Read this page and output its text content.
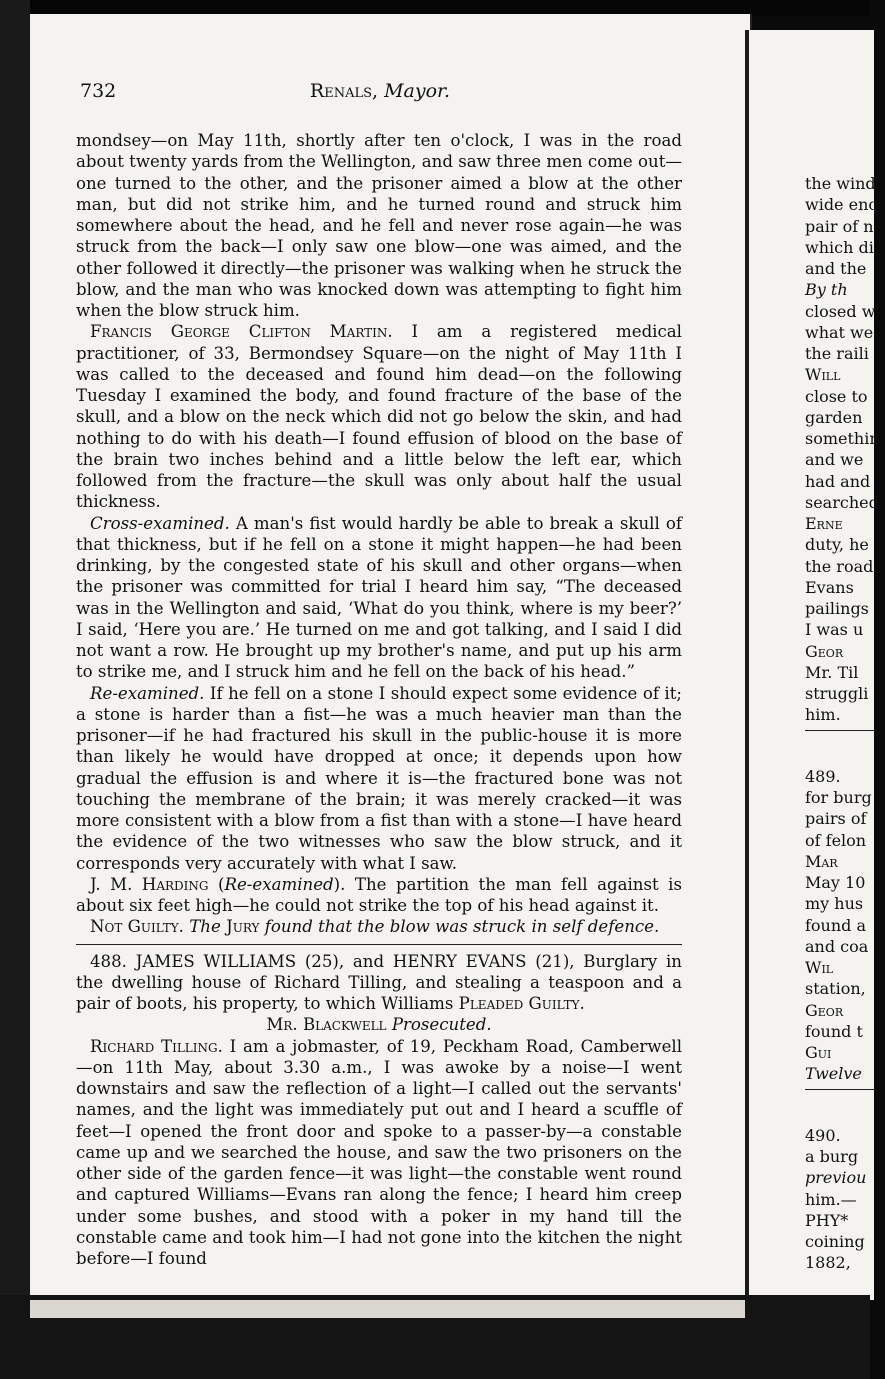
732	Renals, Mayor.

mondsey—on May 11th, shortly after ten o'clock, I was in the road about twenty yards from the Wellington, and saw three men come out—one turned to the other, and the prisoner aimed a blow at the other man, but did not strike him, and he turned round and struck him somewhere about the head, and he fell and never rose again—he was struck from the back—I only saw one blow—one was aimed, and the other followed it directly—the prisoner was walking when he struck the blow, and the man who was knocked down was attempting to fight him when the blow struck him.

Francis George Clifton Martin. I am a registered medical practitioner, of 33, Bermondsey Square—on the night of May 11th I was called to the deceased and found him dead—on the following Tuesday I examined the body, and found fracture of the base of the skull, and a blow on the neck which did not go below the skin, and had nothing to do with his death—I found effusion of blood on the base of the brain two inches behind and a little below the left ear, which followed from the fracture—the skull was only about half the usual thickness.

Cross-examined. A man's fist would hardly be able to break a skull of that thickness, but if he fell on a stone it might happen—he had been drinking, by the congested state of his skull and other organs—when the prisoner was committed for trial I heard him say, “The deceased was in the Wellington and said, ‘What do you think, where is my beer?’ I said, ‘Here you are.’ He turned on me and got talking, and I said I did not want a row. He brought up my brother's name, and put up his arm to strike me, and I struck him and he fell on the back of his head.”

Re-examined. If he fell on a stone I should expect some evidence of it; a stone is harder than a fist—he was a much heavier man than the prisoner—if he had fractured his skull in the public-house it is more than likely he would have dropped at once; it depends upon how gradual the effusion is and where it is—the fractured bone was not touching the membrane of the brain; it was merely cracked—it was more consistent with a blow from a fist than with a stone—I have heard the evidence of the two witnesses who saw the blow struck, and it corresponds very accurately with what I saw.

J. M. Harding (Re-examined). The partition the man fell against is about six feet high—he could not strike the top of his head against it.

Not Guilty. The Jury found that the blow was struck in self defence.

488. JAMES WILLIAMS (25), and HENRY EVANS (21), Burglary in the dwelling house of Richard Tilling, and stealing a teaspoon and a pair of boots, his property, to which Williams Pleaded Guilty.

Mr. Blackwell Prosecuted.

Richard Tilling. I am a jobmaster, of 19, Peckham Road, Camberwell—on 11th May, about 3.30 a.m., I was awoke by a noise—I went downstairs and saw the reflection of a light—I called out the servants' names, and the light was immediately put out and I heard a scuffle of feet—I opened the front door and spoke to a passer-by—a constable came up and we searched the house, and saw the two prisoners on the other side of the garden fence—it was light—the constable went round and captured Williams—Evans ran along the fence; I heard him creep under some bushes, and stood with a poker in my hand till the constable came and took him—I had not gone into the kitchen the night before—I found

the wind
wide enc
pair of n
which di
and the
By th
closed w
what we
the raili
Will
close to
garden
somethin
and we
had and
searched
Erne
duty, he
the road
Evans
pailings
I was u
Geor
Mr. Til
struggli
him.
489.
for burg
pairs of
of felon
Mar
May 10
my hus
found a
and coa
Wil
station,
Geor
found t
Gui
Twelve
490.
a burg
previou
him.—
PHY*
coining
1882,
